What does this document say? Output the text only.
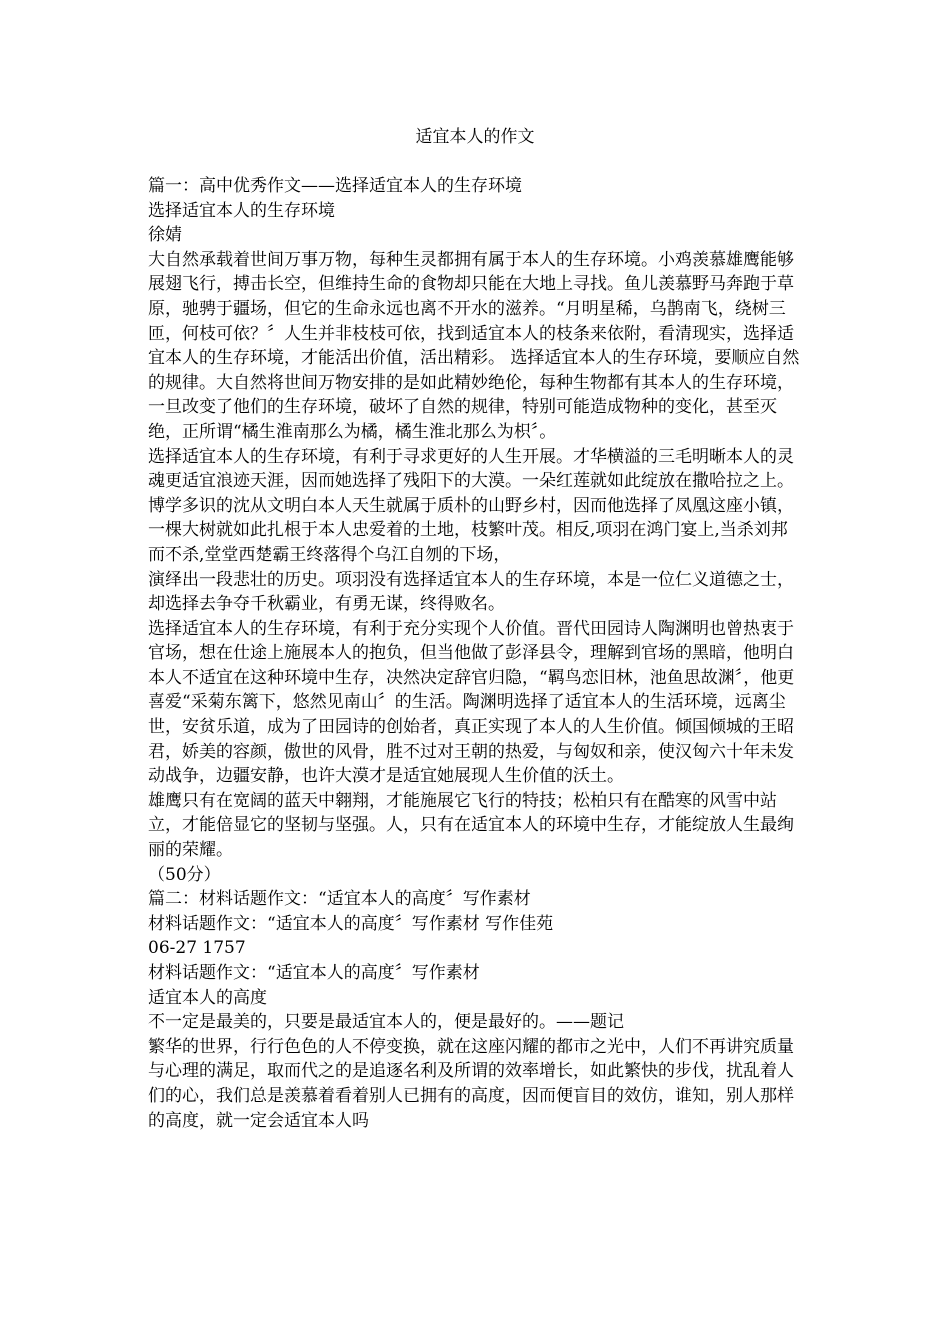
适宜本人的作文
篇一：高中优秀作文——选择适宜本人的生存环境
选择适宜本人的生存环境
徐婧
大自然承载着世间万事万物，每种生灵都拥有属于本人的生存环境。小鸡羡慕雄鹰能够展翅飞行，搏击长空，但维持生命的食物却只能在大地上寻找。鱼儿羡慕野马奔跑于草原，驰骋于疆场，但它的生命永远也离不开水的滋养。“月明星稀，乌鹊南飞，绕树三匝，何枝可依？〞人生并非枝枝可依，找到适宜本人的枝条来依附，看清现实，选择适宜本人的生存环境，才能活出价值，活出精彩。 选择适宜本人的生存环境，要顺应自然的规律。大自然将世间万物安排的是如此精妙绝伦，每种生物都有其本人的生存环境，一旦改变了他们的生存环境，破坏了自然的规律，特别可能造成物种的变化，甚至灭绝，正所谓“橘生淮南那么为橘，橘生淮北那么为枳〞。
选择适宜本人的生存环境，有利于寻求更好的人生开展。才华横溢的三毛明晰本人的灵魂更适宜浪迹天涯，因而她选择了残阳下的大漠。一朵红莲就如此绽放在撒哈拉之上。博学多识的沈从文明白本人天生就属于质朴的山野乡村，因而他选择了凤凰这座小镇，一棵大树就如此扎根于本人忠爱着的土地，枝繁叶茂。相反,项羽在鸿门宴上,当杀刘邦而不杀,堂堂西楚霸王终落得个乌江自刎的下场，
演绎出一段悲壮的历史。项羽没有选择适宜本人的生存环境，本是一位仁义道德之士，却选择去争夺千秋霸业，有勇无谋，终得败名。
选择适宜本人的生存环境，有利于充分实现个人价值。晋代田园诗人陶渊明也曾热衷于官场，想在仕途上施展本人的抱负，但当他做了彭泽县令，理解到官场的黑暗，他明白本人不适宜在这种环境中生存，决然决定辞官归隐，“羁鸟恋旧林，池鱼思故渊〞，他更喜爱“采菊东篱下，悠然见南山〞的生活。陶渊明选择了适宜本人的生活环境，远离尘世，安贫乐道，成为了田园诗的创始者，真正实现了本人的人生价值。倾国倾城的王昭君，娇美的容颜，傲世的风骨，胜不过对王朝的热爱，与匈奴和亲，使汉匈六十年未发动战争，边疆安静，也许大漠才是适宜她展现人生价值的沃土。
雄鹰只有在宽阔的蓝天中翱翔，才能施展它飞行的特技；松柏只有在酷寒的风雪中站立，才能倍显它的坚韧与坚强。人，只有在适宜本人的环境中生存，才能绽放人生最绚丽的荣耀。
（50分）
篇二：材料话题作文：“适宜本人的高度〞写作素材
材料话题作文：“适宜本人的高度〞写作素材 写作佳苑
06-27 1757
材料话题作文：“适宜本人的高度〞写作素材
适宜本人的高度
不一定是最美的，只要是最适宜本人的，便是最好的。——题记
繁华的世界，行行色色的人不停变换，就在这座闪耀的都市之光中，人们不再讲究质量与心理的满足，取而代之的是追逐名利及所谓的效率增长，如此繁快的步伐，扰乱着人们的心，我们总是羡慕着看着别人已拥有的高度，因而便盲目的效仿，谁知，别人那样的高度，就一定会适宜本人吗
